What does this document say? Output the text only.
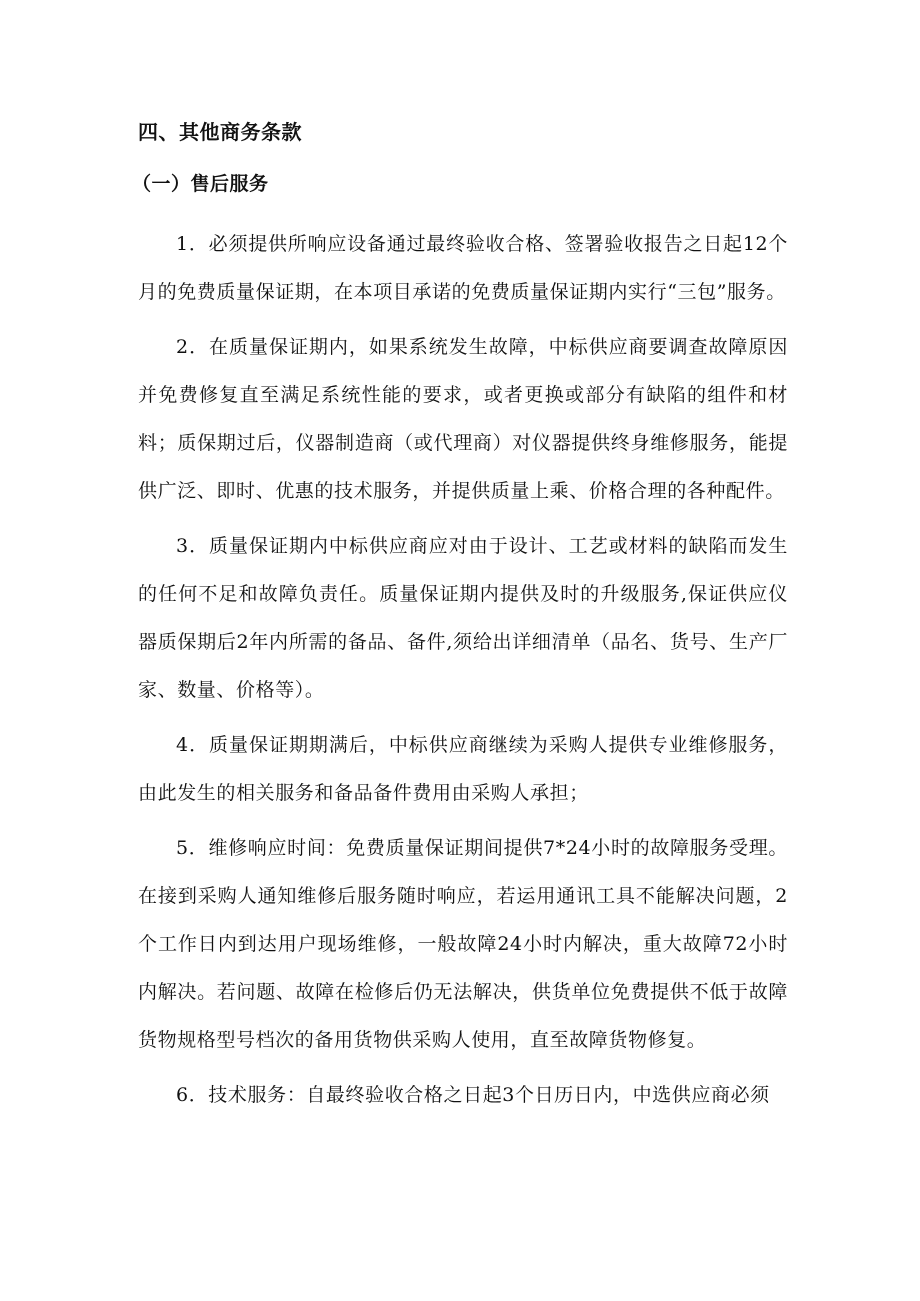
四、其他商务条款
（一）售后服务

1．必须提供所响应设备通过最终验收合格、签署验收报告之日起12个月的免费质量保证期，在本项目承诺的免费质量保证期内实行“三包”服务。

2．在质量保证期内，如果系统发生故障，中标供应商要调查故障原因并免费修复直至满足系统性能的要求，或者更换或部分有缺陷的组件和材料；质保期过后，仪器制造商（或代理商）对仪器提供终身维修服务，能提供广泛、即时、优惠的技术服务，并提供质量上乘、价格合理的各种配件。

3．质量保证期内中标供应商应对由于设计、工艺或材料的缺陷而发生的任何不足和故障负责任。质量保证期内提供及时的升级服务,保证供应仪器质保期后2年内所需的备品、备件,须给出详细清单（品名、货号、生产厂家、数量、价格等）。

4．质量保证期期满后，中标供应商继续为采购人提供专业维修服务，由此发生的相关服务和备品备件费用由采购人承担；

5．维修响应时间：免费质量保证期间提供7*24小时的故障服务受理。在接到采购人通知维修后服务随时响应，若运用通讯工具不能解决问题，2个工作日内到达用户现场维修，一般故障24小时内解决，重大故障72小时内解决。若问题、故障在检修后仍无法解决，供货单位免费提供不低于故障货物规格型号档次的备用货物供采购人使用，直至故障货物修复。

6．技术服务：自最终验收合格之日起3个日历日内，中选供应商必须
